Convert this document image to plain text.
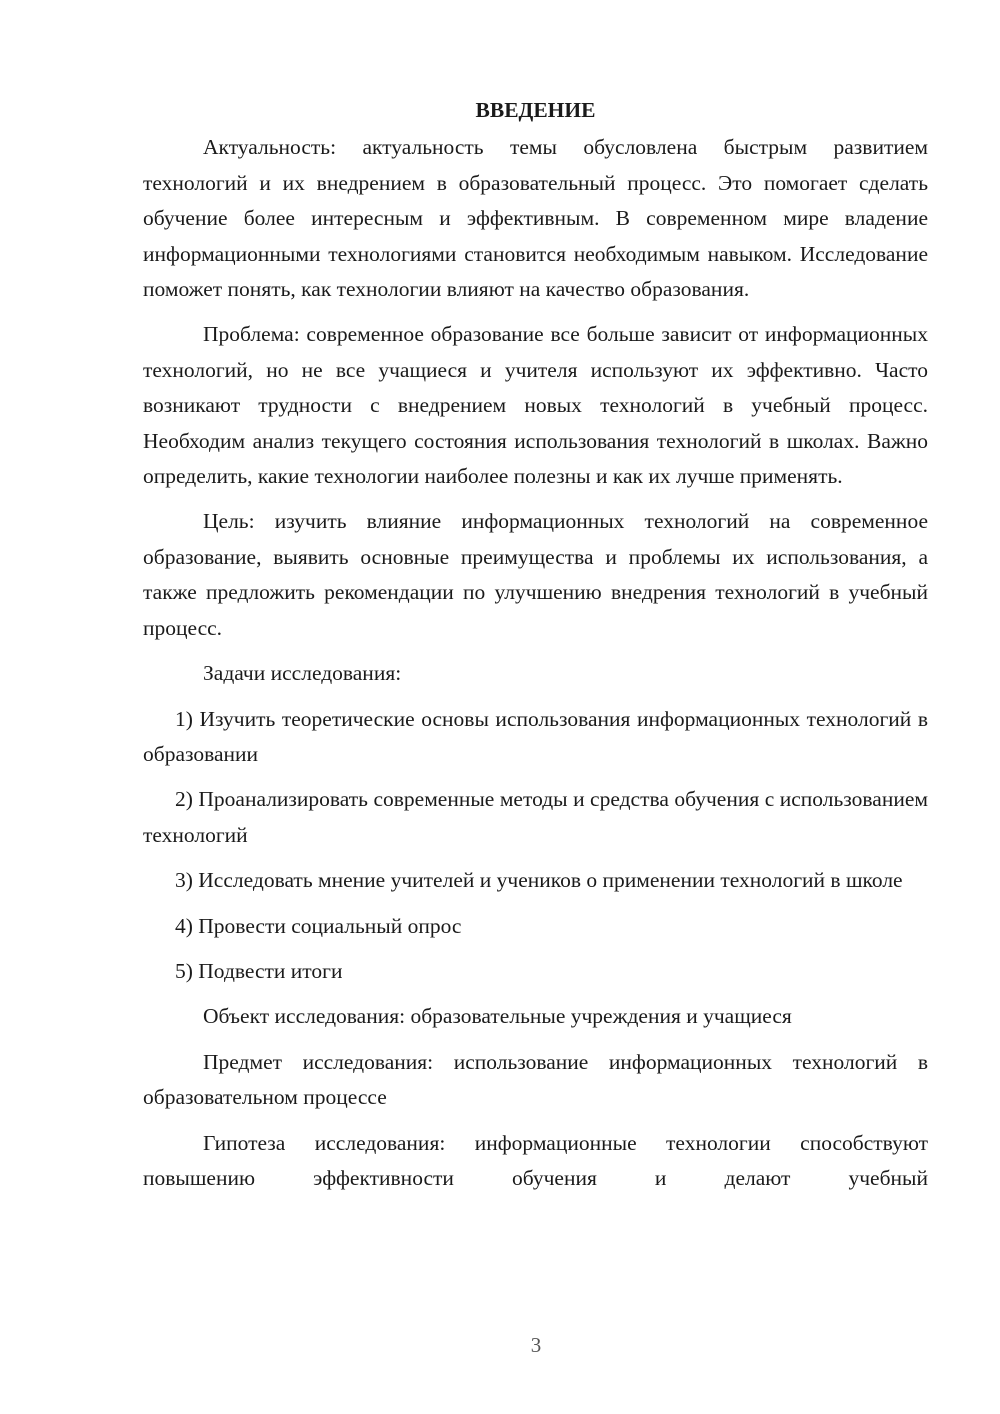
ВВЕДЕНИЕ

Актуальность: актуальность темы обусловлена быстрым развитием технологий и их внедрением в образовательный процесс. Это помогает сделать обучение более интересным и эффективным. В современном мире владение информационными технологиями становится необходимым навыком. Исследование поможет понять, как технологии влияют на качество образования.

Проблема: современное образование все больше зависит от информационных технологий, но не все учащиеся и учителя используют их эффективно. Часто возникают трудности с внедрением новых технологий в учебный процесс. Необходим анализ текущего состояния использования технологий в школах. Важно определить, какие технологии наиболее полезны и как их лучше применять.

Цель: изучить влияние информационных технологий на современное образование, выявить основные преимущества и проблемы их использования, а также предложить рекомендации по улучшению внедрения технологий в учебный процесс.

Задачи исследования:

1) Изучить теоретические основы использования информационных технологий в образовании

2) Проанализировать современные методы и средства обучения с использованием технологий

3) Исследовать мнение учителей и учеников о применении технологий в школе

4) Провести социальный опрос

5) Подвести итоги

Объект исследования: образовательные учреждения и учащиеся

Предмет исследования: использование информационных технологий в образовательном процессе

Гипотеза исследования: информационные технологии способствуют повышению эффективности обучения и делают учебный

3
